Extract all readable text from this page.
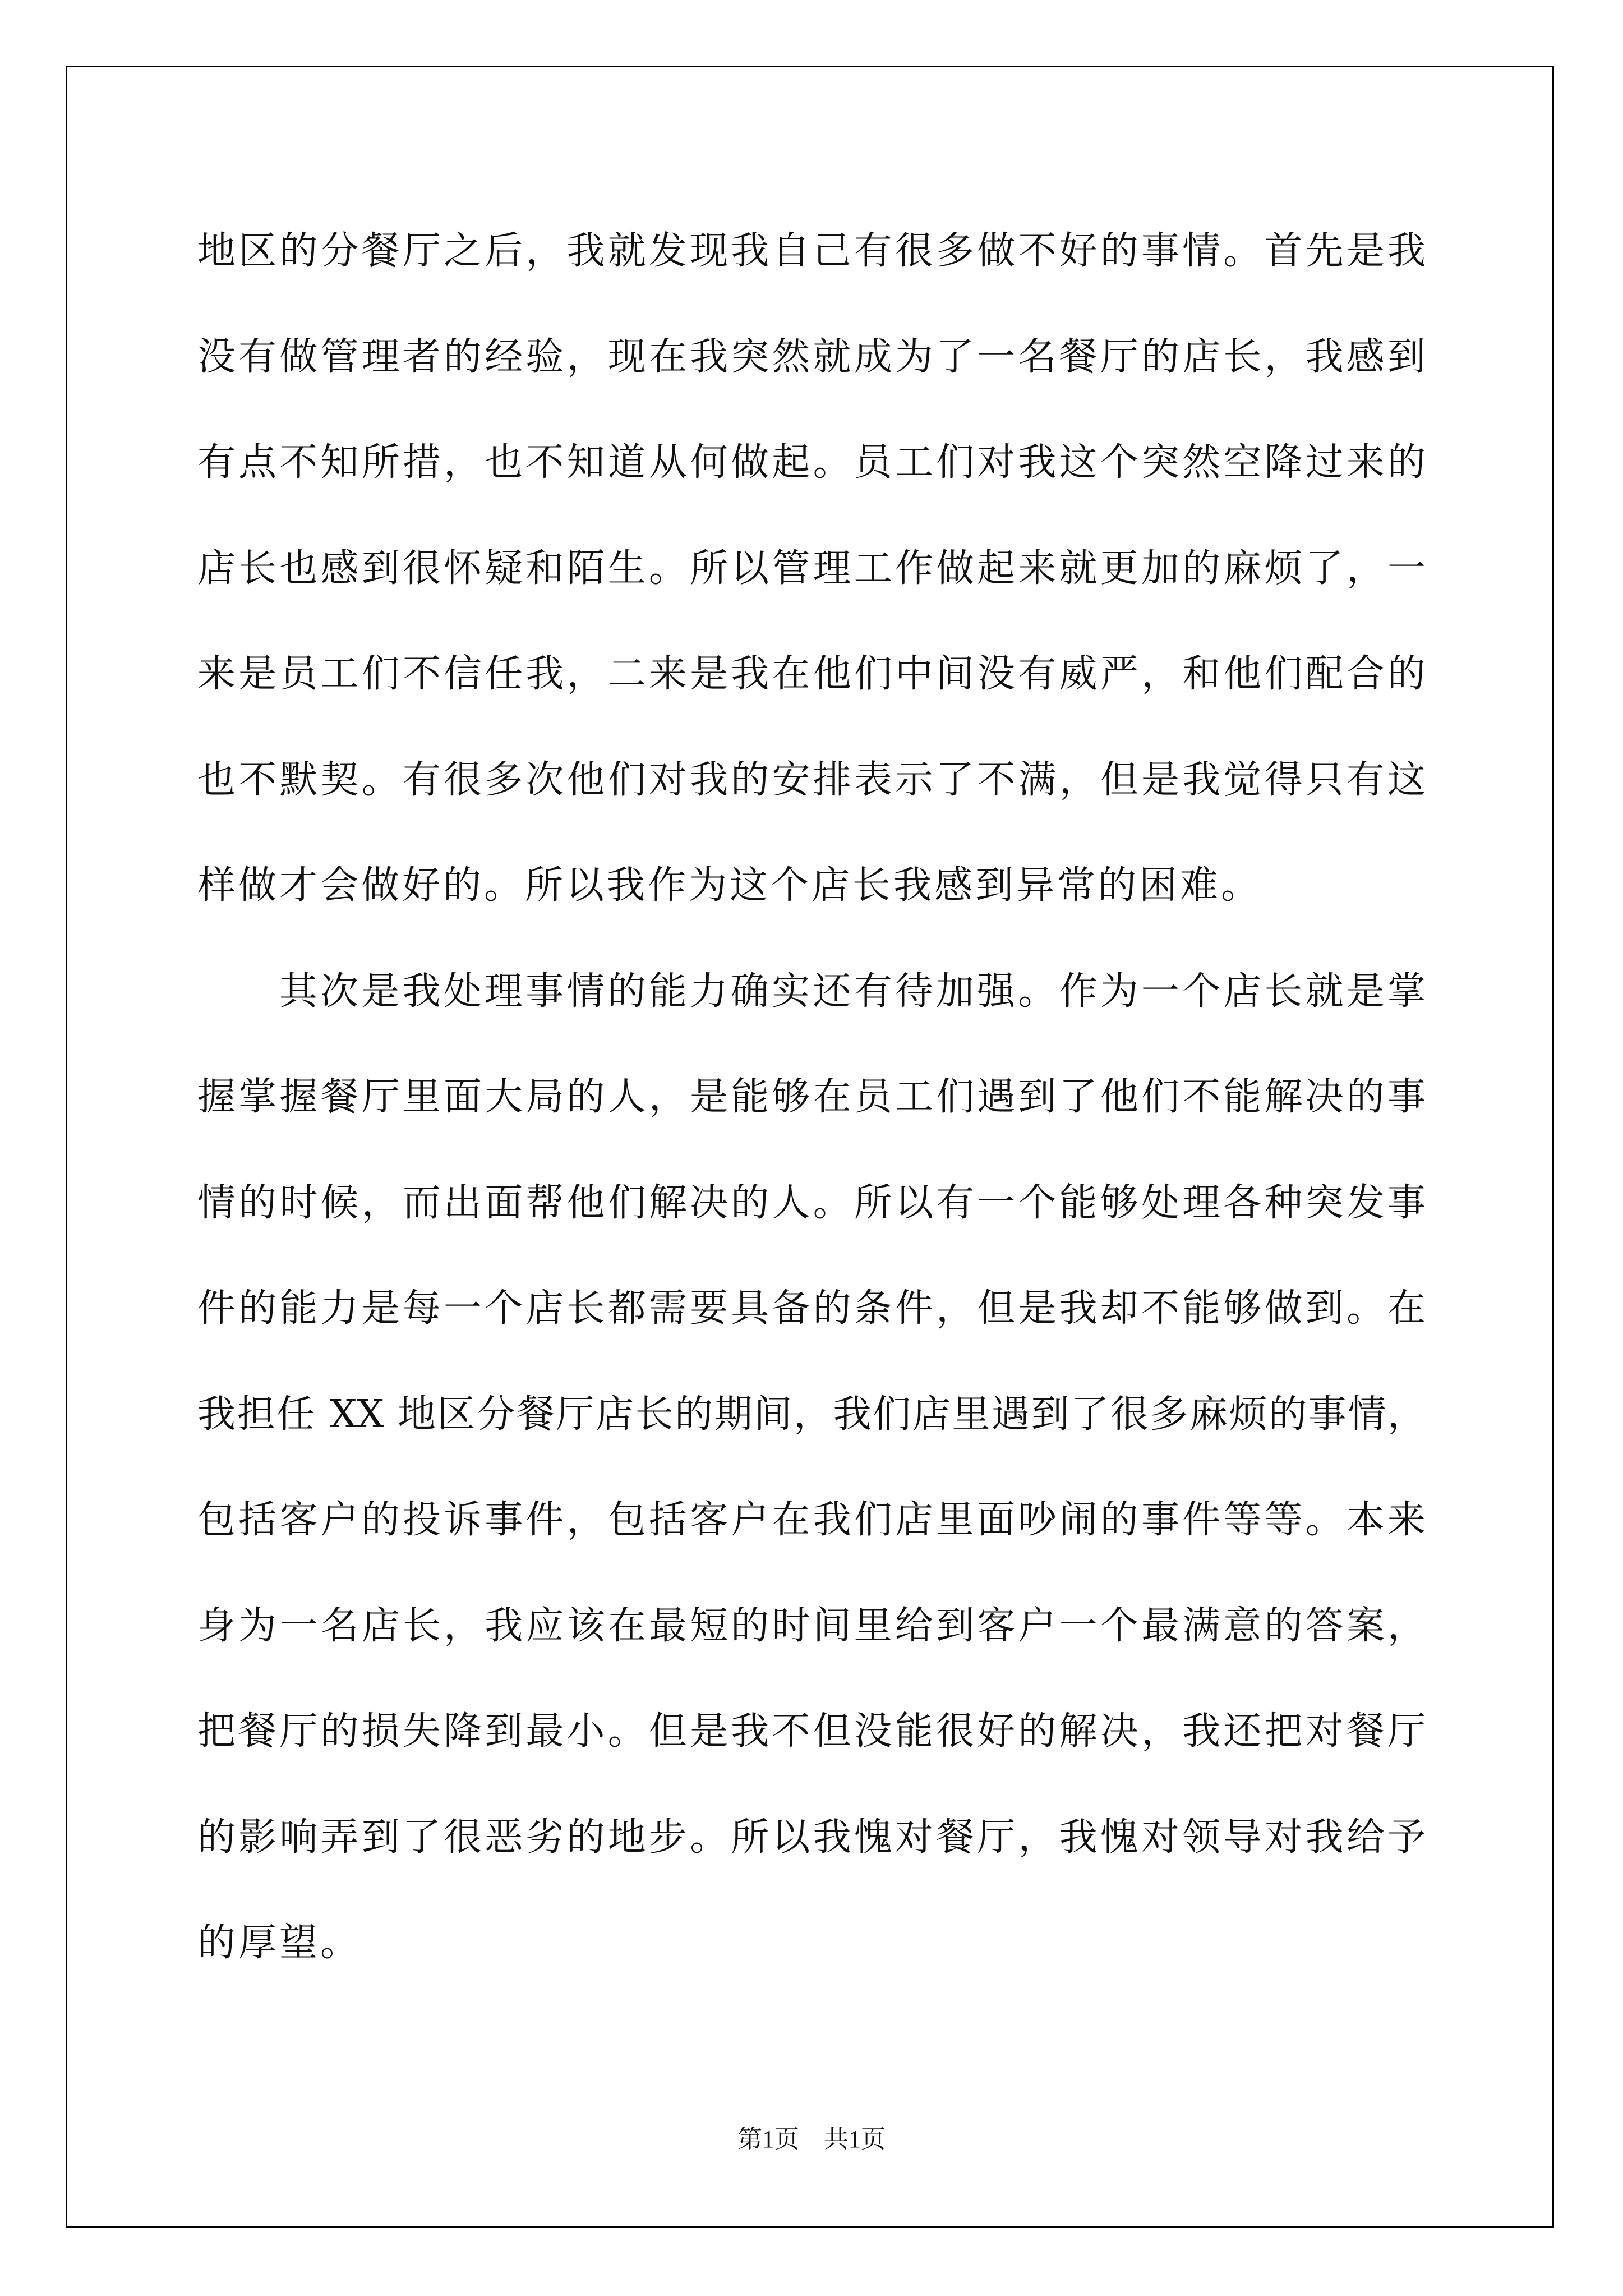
地区的分餐厅之后，我就发现我自己有很多做不好的事情。首先是我
没有做管理者的经验，现在我突然就成为了一名餐厅的店长，我感到
有点不知所措，也不知道从何做起。员工们对我这个突然空降过来的
店长也感到很怀疑和陌生。所以管理工作做起来就更加的麻烦了，一
来是员工们不信任我，二来是我在他们中间没有威严，和他们配合的
也不默契。有很多次他们对我的安排表示了不满，但是我觉得只有这
样做才会做好的。所以我作为这个店长我感到异常的困难。
其次是我处理事情的能力确实还有待加强。作为一个店长就是掌
握掌握餐厅里面大局的人，是能够在员工们遇到了他们不能解决的事
情的时候，而出面帮他们解决的人。所以有一个能够处理各种突发事
件的能力是每一个店长都需要具备的条件，但是我却不能够做到。在
我担任 XX 地区分餐厅店长的期间，我们店里遇到了很多麻烦的事情，
包括客户的投诉事件，包括客户在我们店里面吵闹的事件等等。本来
身为一名店长，我应该在最短的时间里给到客户一个最满意的答案，
把餐厅的损失降到最小。但是我不但没能很好的解决，我还把对餐厅
的影响弄到了很恶劣的地步。所以我愧对餐厅，我愧对领导对我给予
的厚望。
第1页　共1页
